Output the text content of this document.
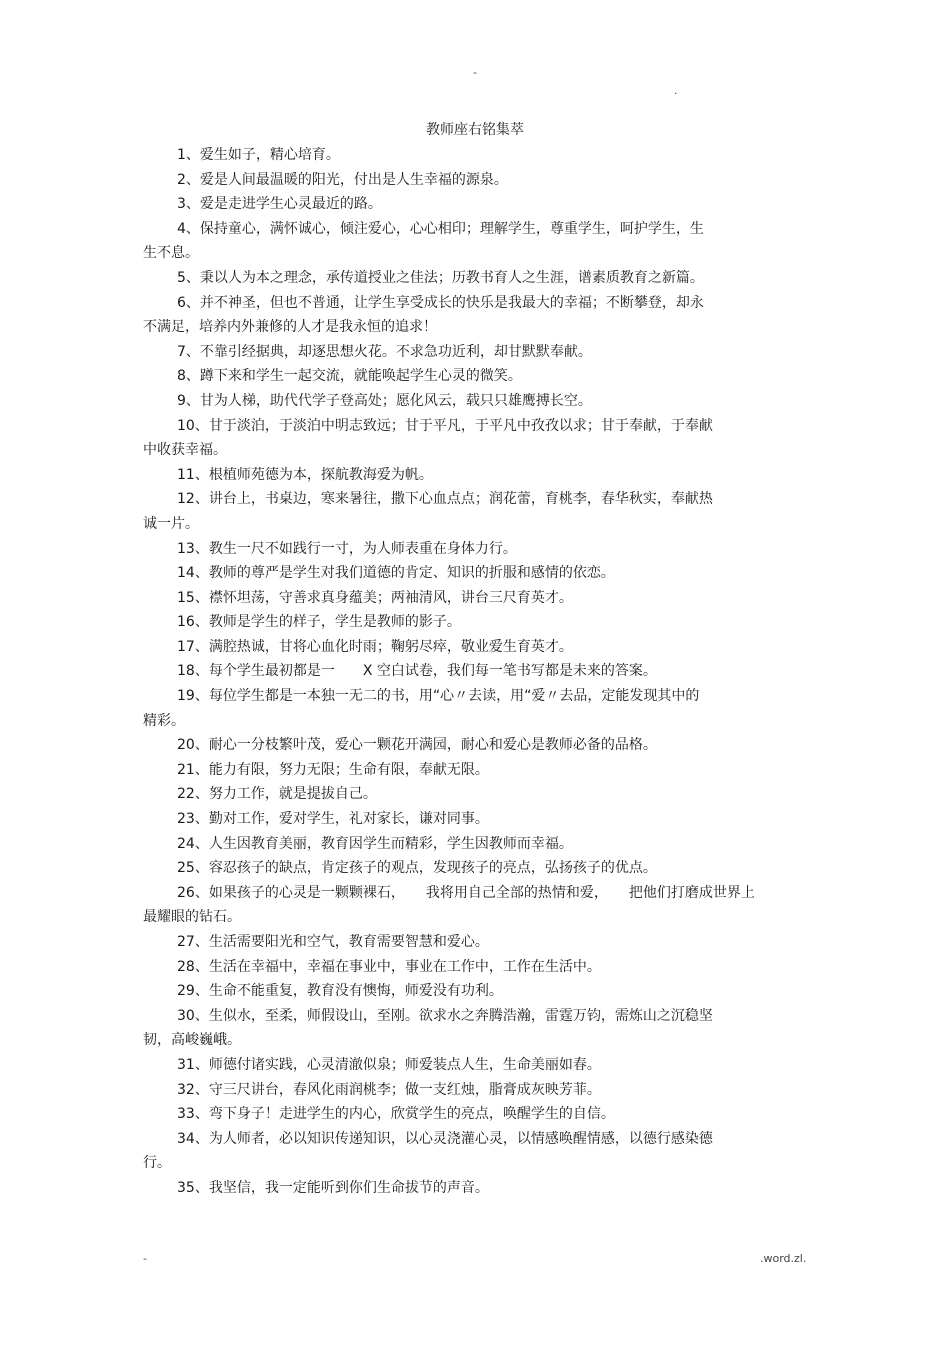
-
.
教师座右铭集萃
1、爱生如子，精心培育。
2、爱是人间最温暖的阳光，付出是人生幸福的源泉。
3、爱是走进学生心灵最近的路。
4、保持童心，满怀诚心，倾注爱心，心心相印；理解学生，尊重学生，呵护学生，生
生不息。
5、秉以人为本之理念，承传道授业之佳法；历教书育人之生涯，谱素质教育之新篇。
6、并不神圣，但也不普通，让学生享受成长的快乐是我最大的幸福；不断攀登，却永
不满足，培养内外兼修的人才是我永恒的追求！
7、不靠引经据典，却逐思想火花。不求急功近利，却甘默默奉献。
8、蹲下来和学生一起交流，就能唤起学生心灵的微笑。
9、甘为人梯，助代代学子登高处；愿化风云，载只只雄鹰搏长空。
10、甘于淡泊，于淡泊中明志致远；甘于平凡，于平凡中孜孜以求；甘于奉献，于奉献
中收获幸福。
11、根植师苑德为本，探航教海爱为帆。
12、讲台上，书桌边，寒来暑往，撒下心血点点；润花蕾，育桃李，春华秋实，奉献热
诚一片。
13、教生一尺不如践行一寸，为人师表重在身体力行。
14、教师的尊严是学生对我们道德的肯定、知识的折服和感情的依恋。
15、襟怀坦荡，守善求真身蕴美；两袖清风，讲台三尺育英才。
16、教师是学生的样子，学生是教师的影子。
17、满腔热诚，甘将心血化时雨；鞠躬尽瘁，敬业爱生育英才。
18、每个学生最初都是一　　X 空白试卷，我们每一笔书写都是未来的答案。
19、每位学生都是一本独一无二的书，用“心〃去读，用“爱〃去品，定能发现其中的
精彩。
20、耐心一分枝繁叶茂，爱心一颗花开满园，耐心和爱心是教师必备的品格。
21、能力有限，努力无限；生命有限，奉献无限。
22、努力工作，就是提拔自己。
23、勤对工作，爱对学生，礼对家长，谦对同事。
24、人生因教育美丽，教育因学生而精彩，学生因教师而幸福。
25、容忍孩子的缺点，肯定孩子的观点，发现孩子的亮点，弘扬孩子的优点。
26、如果孩子的心灵是一颗颗裸石，　　我将用自己全部的热情和爱，　　把他们打磨成世界上
最耀眼的钻石。
27、生活需要阳光和空气，教育需要智慧和爱心。
28、生活在幸福中，幸福在事业中，事业在工作中，工作在生活中。
29、生命不能重复，教育没有懊悔，师爱没有功利。
30、生似水，至柔，师假设山，至刚。欲求水之奔腾浩瀚，雷霆万钧，需炼山之沉稳坚
韧，高峻巍峨。
31、师德付诸实践，心灵清澈似泉；师爱装点人生，生命美丽如春。
32、守三尺讲台，春风化雨润桃李；做一支红烛，脂膏成灰映芳菲。
33、弯下身子！走进学生的内心，欣赏学生的亮点，唤醒学生的自信。
34、为人师者，必以知识传递知识，以心灵浇灌心灵，以情感唤醒情感，以德行感染德
行。
35、我坚信，我一定能听到你们生命拔节的声音。
-	.word.zl.
